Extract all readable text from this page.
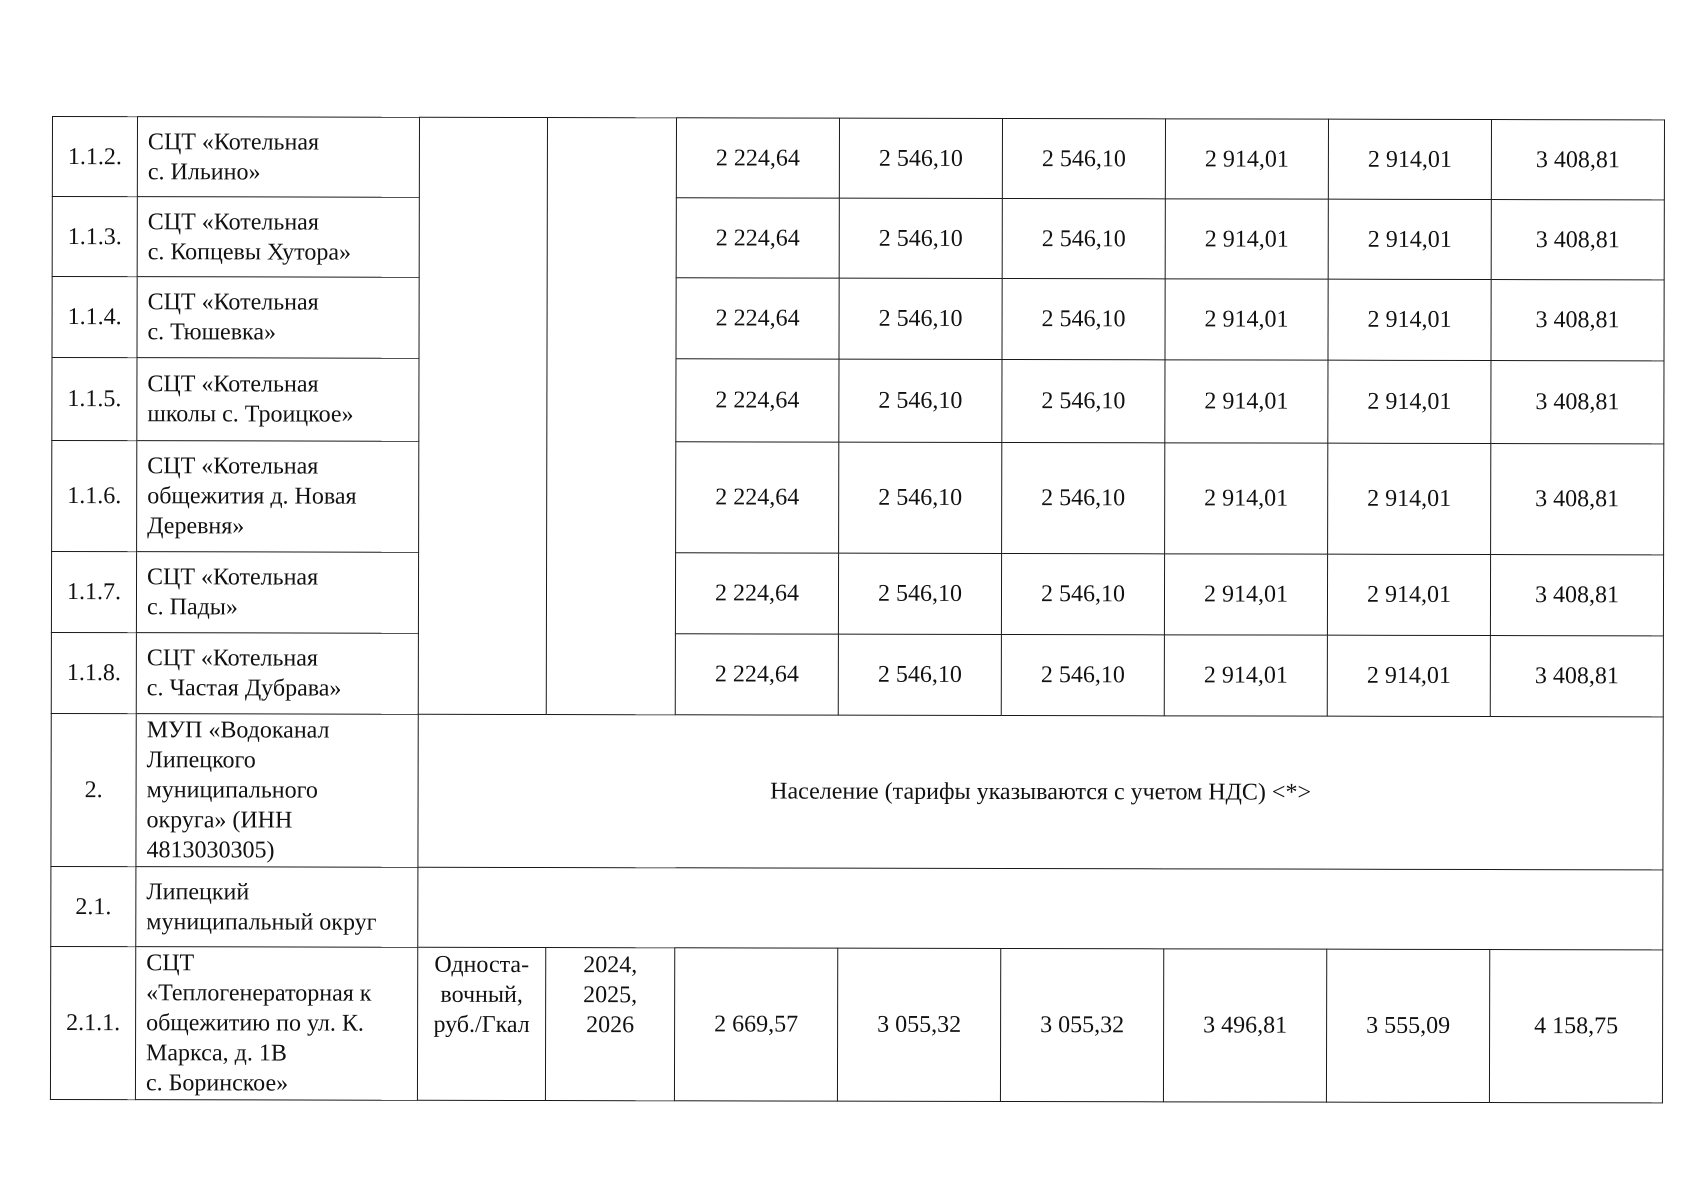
1.1.2.	СЦТ «Котельная
с. Ильино»			2 224,64	2 546,10	2 546,10	2 914,01	2 914,01	3 408,81
1.1.3.	СЦТ «Котельная
с. Копцевы Хутора»			2 224,64	2 546,10	2 546,10	2 914,01	2 914,01	3 408,81
1.1.4.	СЦТ «Котельная
с. Тюшевка»			2 224,64	2 546,10	2 546,10	2 914,01	2 914,01	3 408,81
1.1.5.	СЦТ «Котельная
школы с. Троицкое»			2 224,64	2 546,10	2 546,10	2 914,01	2 914,01	3 408,81
1.1.6.	СЦТ «Котельная
общежития д. Новая
Деревня»			2 224,64	2 546,10	2 546,10	2 914,01	2 914,01	3 408,81
1.1.7.	СЦТ «Котельная
с. Пады»			2 224,64	2 546,10	2 546,10	2 914,01	2 914,01	3 408,81
1.1.8.	СЦТ «Котельная
с. Частая Дубрава»			2 224,64	2 546,10	2 546,10	2 914,01	2 914,01	3 408,81
2.	МУП «Водоканал
Липецкого
муниципального
округа» (ИНН
4813030305)	Население (тарифы указываются с учетом НДС) <*>							
2.1.	Липецкий
муниципальный округ								

2.1.1.	СЦТ
«Теплогенераторная к
общежитию по ул. К.
Маркса, д. 1В
с. Боринское»	Односта-
вочный,
руб./Гкал	2024,
2025,
2026	2 669,57	3 055,32	3 055,32	3 496,81	3 555,09	4 158,75
